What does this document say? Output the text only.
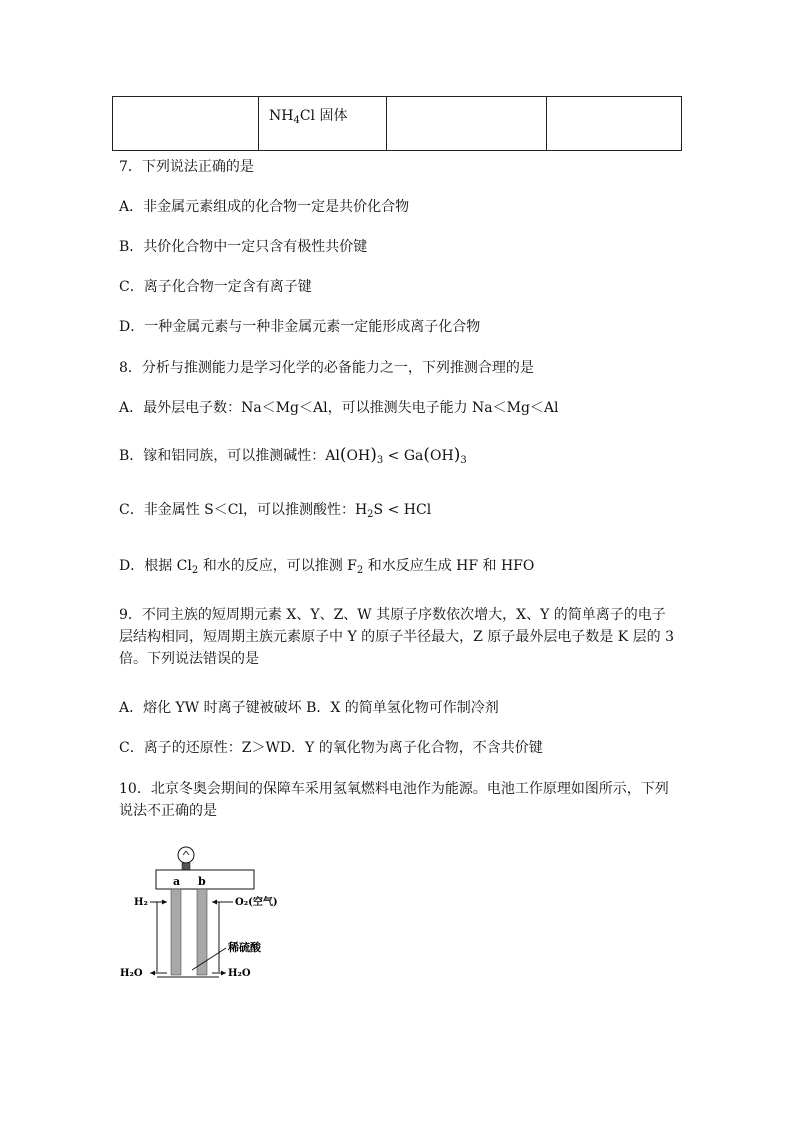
	$NH_4Cl$ 固体		
7．下列说法正确的是
A．非金属元素组成的化合物一定是共价化合物
B．共价化合物中一定只含有极性共价键
C．离子化合物一定含有离子键
D．一种金属元素与一种非金属元素一定能形成离子化合物
8．分析与推测能力是学习化学的必备能力之一，下列推测合理的是
A．最外层电子数：Na＜Mg＜Al，可以推测失电子能力 Na＜Mg＜Al
B．镓和铝同族，可以推测碱性：$Al(OH)_3 < Ga(OH)_3$
C．非金属性 S＜Cl，可以推测酸性：$H_2S$ < HCl
D．根据 $Cl_2$ 和水的反应，可以推测 $F_2$ 和水反应生成 HF 和 HFO
9．不同主族的短周期元素 X、Y、Z、W 其原子序数依次增大，X、Y 的简单离子的电子层结构相同，短周期主族元素原子中 Y 的原子半径最大，Z 原子最外层电子数是 K 层的 3 倍。下列说法错误的是
A．熔化 YW 时离子键被破坏 B．X 的简单氢化物可作制冷剂
C．离子的还原性：Z＞WD．Y 的氧化物为离子化合物，不含共价键
10．北京冬奥会期间的保障车采用氢氧燃料电池作为能源。电池工作原理如图所示，下列说法不正确的是
a b
H₂	O₂(空气)
稀硫酸
H₂O	H₂O
